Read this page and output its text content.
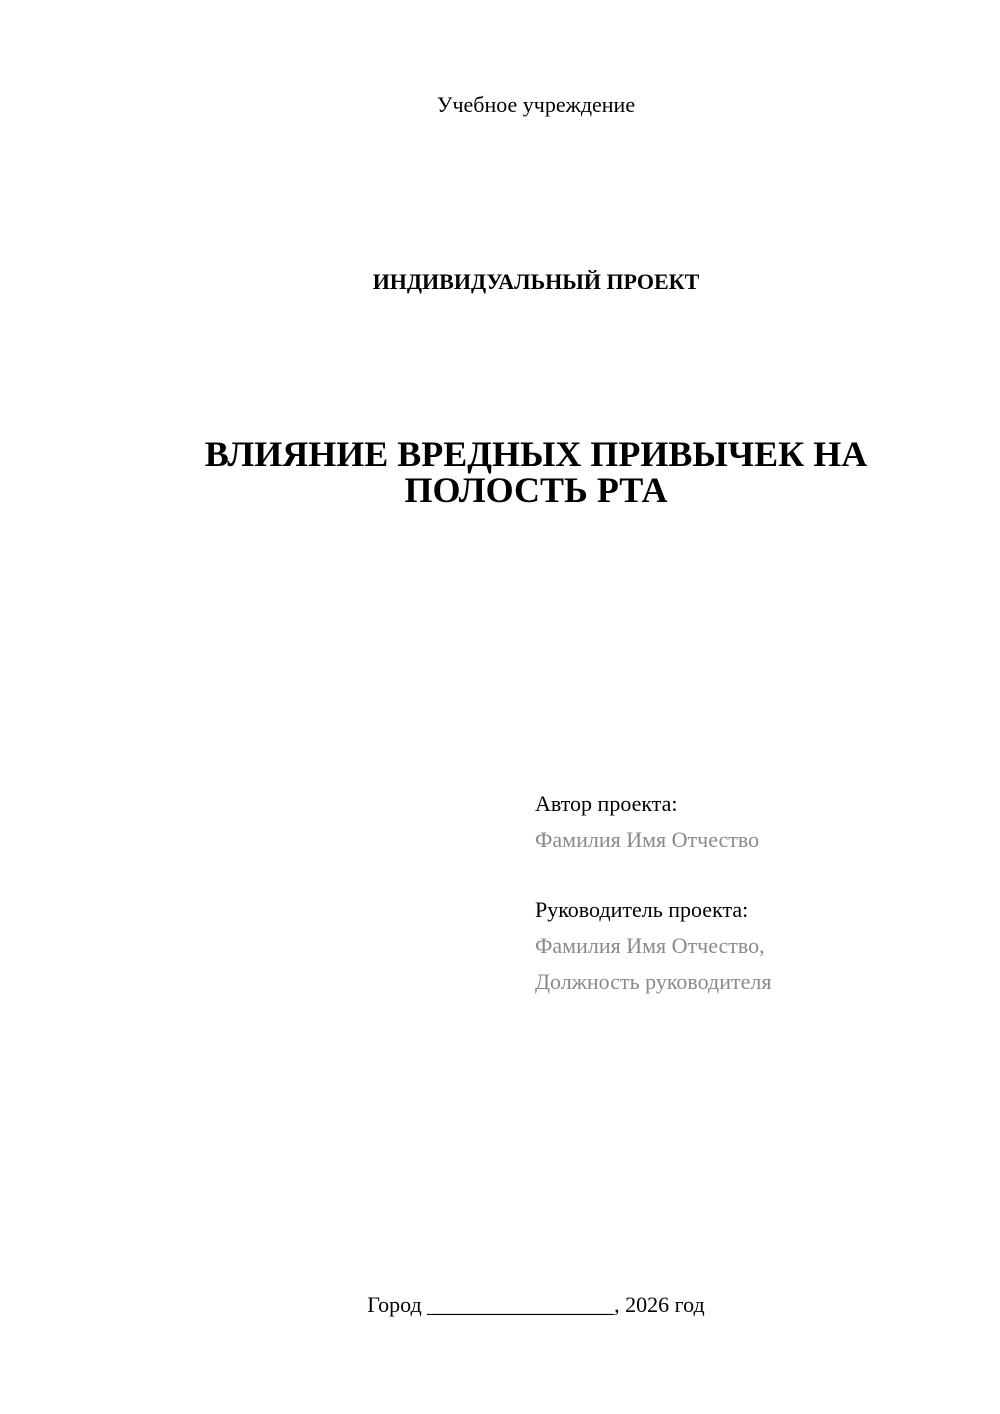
Учебное учреждение
ИНДИВИДУАЛЬНЫЙ ПРОЕКТ
ВЛИЯНИЕ ВРЕДНЫХ ПРИВЫЧЕК НА
ПОЛОСТЬ РТА
Автор проекта:
Фамилия Имя Отчество
Руководитель проекта:
Фамилия Имя Отчество,
Должность руководителя
Город _________________, 2026 год
